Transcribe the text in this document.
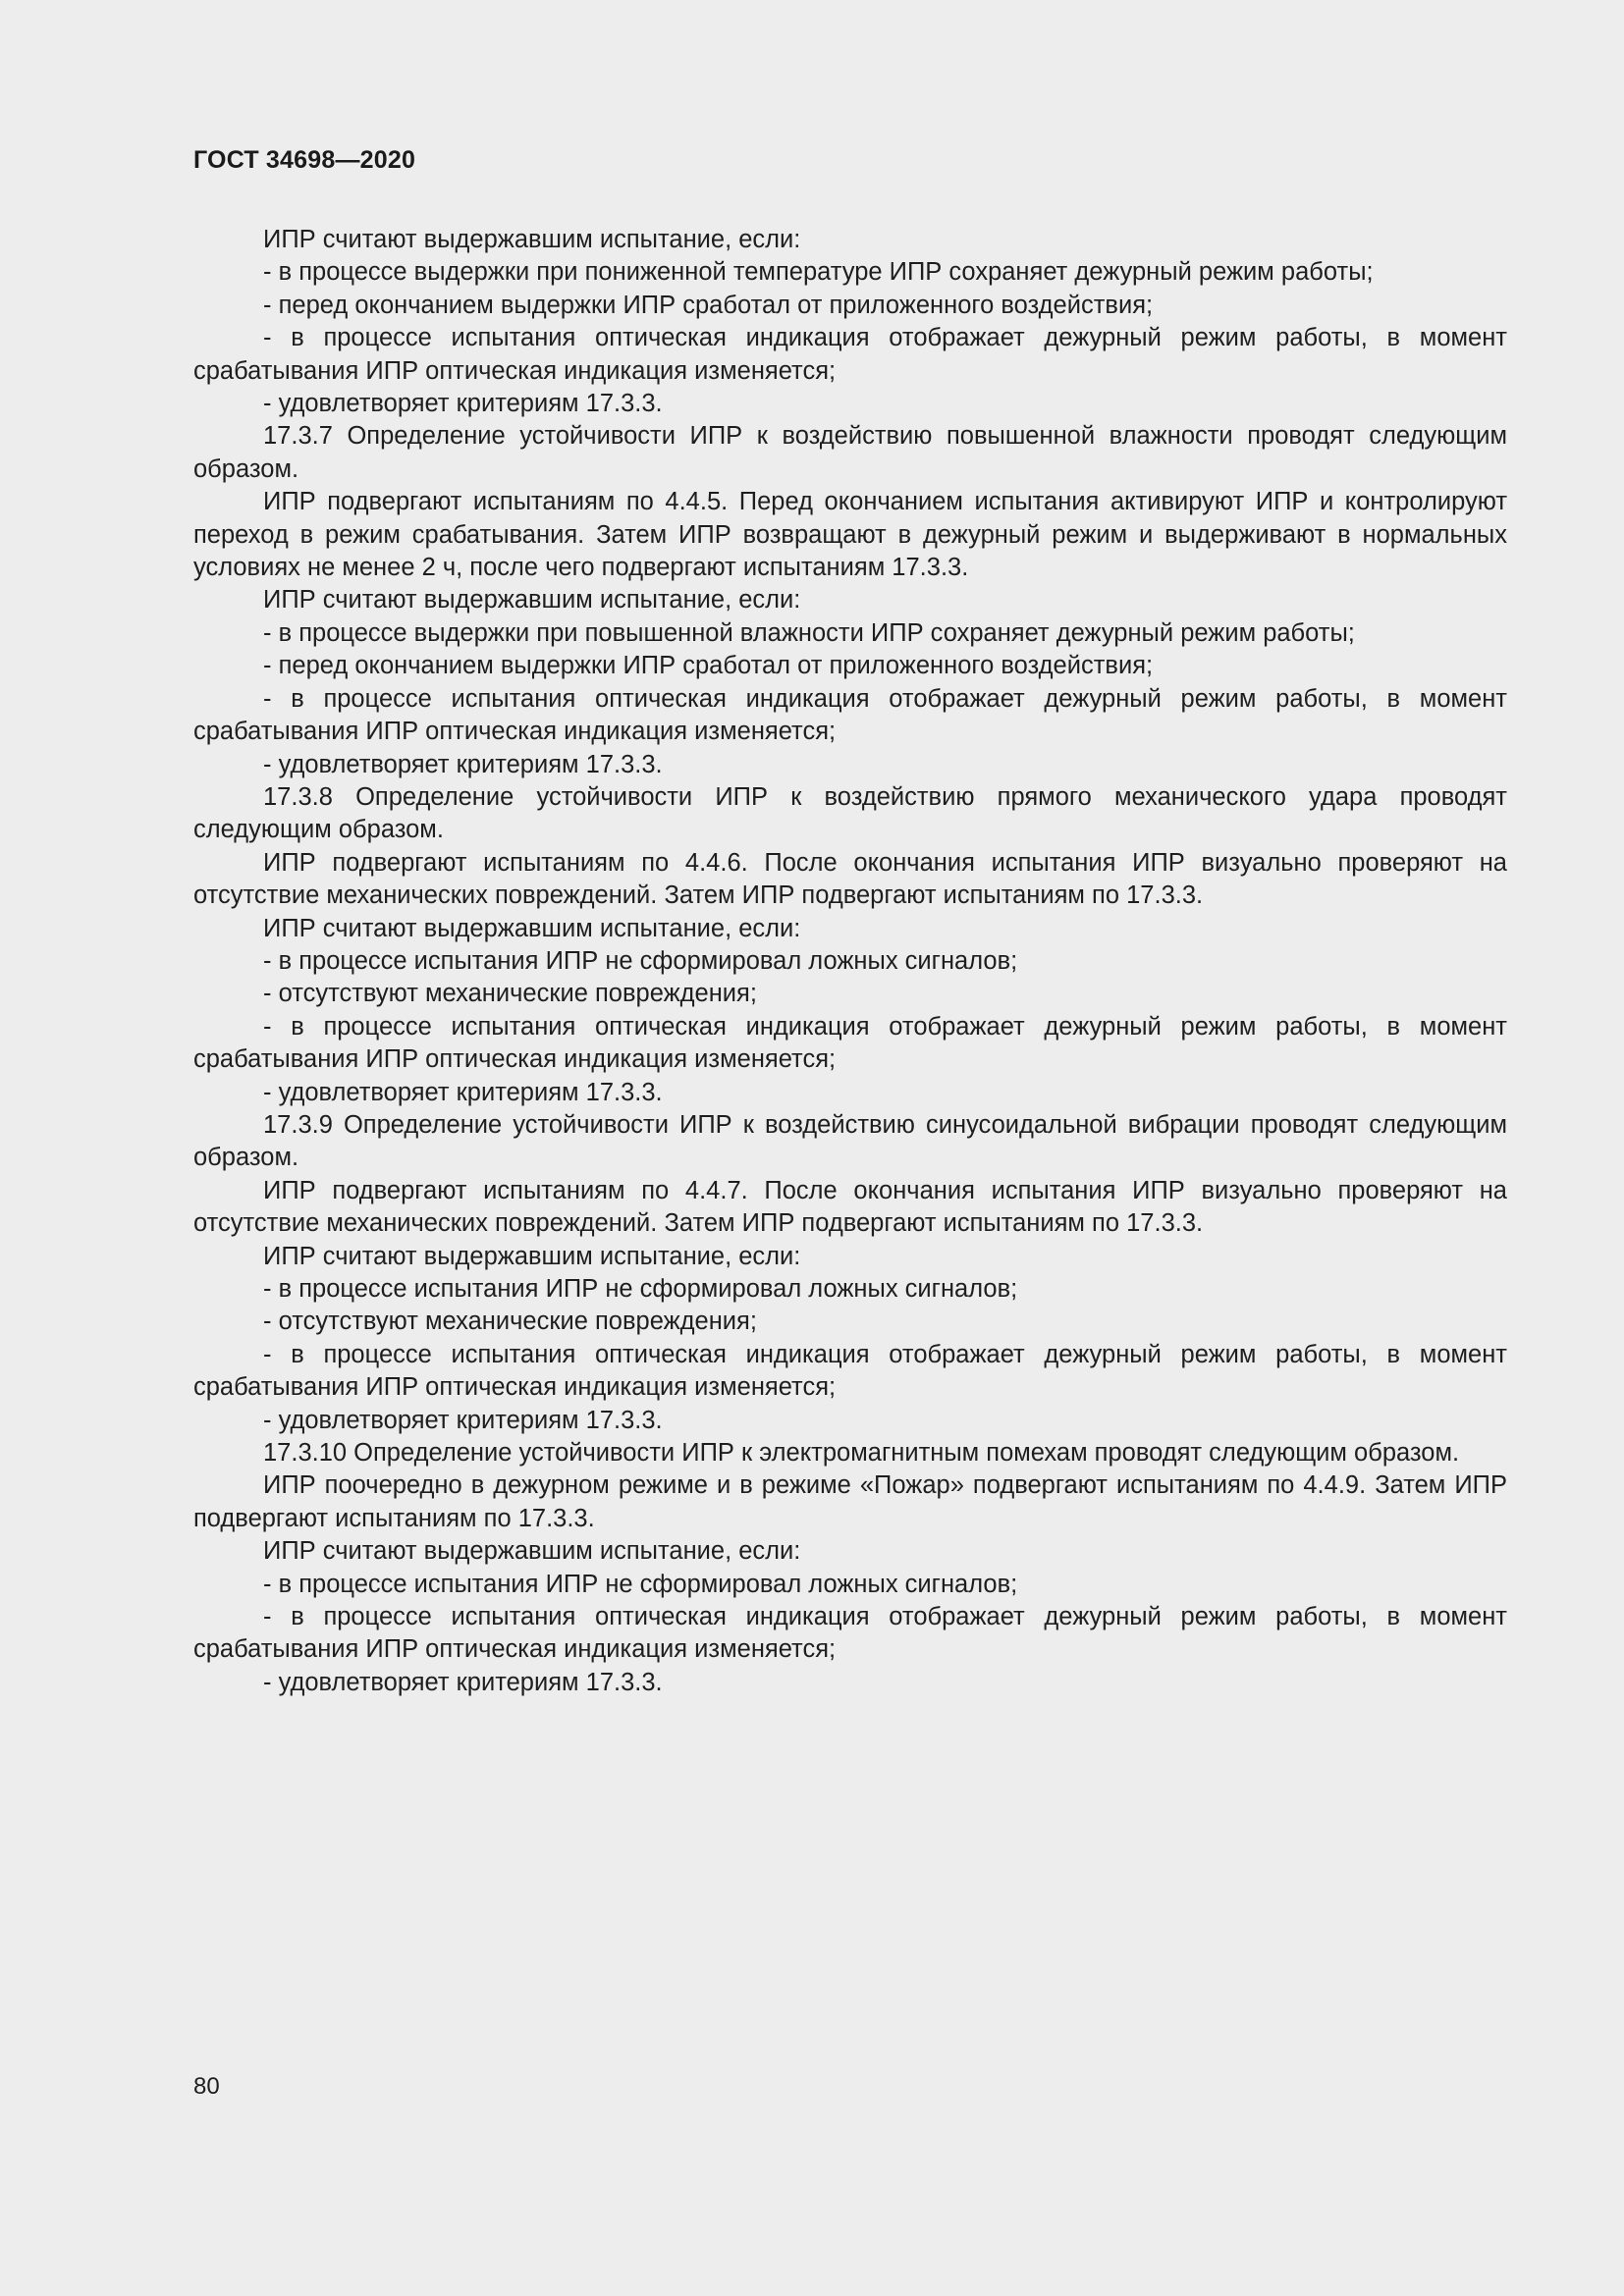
ГОСТ 34698—2020

ИПР считают выдержавшим испытание, если:

- в процессе выдержки при пониженной температуре ИПР сохраняет дежурный режим работы;

- перед окончанием выдержки ИПР сработал от приложенного воздействия;

- в процессе испытания оптическая индикация отображает дежурный режим работы, в момент срабатывания ИПР оптическая индикация изменяется;

- удовлетворяет критериям 17.3.3.

17.3.7 Определение устойчивости ИПР к воздействию повышенной влажности проводят следующим образом.

ИПР подвергают испытаниям по 4.4.5. Перед окончанием испытания активируют ИПР и контролируют переход в режим срабатывания. Затем ИПР возвращают в дежурный режим и выдерживают в нормальных условиях не менее 2 ч, после чего подвергают испытаниям 17.3.3.

ИПР считают выдержавшим испытание, если:

- в процессе выдержки при повышенной влажности ИПР сохраняет дежурный режим работы;

- перед окончанием выдержки ИПР сработал от приложенного воздействия;

- в процессе испытания оптическая индикация отображает дежурный режим работы, в момент срабатывания ИПР оптическая индикация изменяется;

- удовлетворяет критериям 17.3.3.

17.3.8 Определение устойчивости ИПР к воздействию прямого механического удара проводят следующим образом.

ИПР подвергают испытаниям по 4.4.6. После окончания испытания ИПР визуально проверяют на отсутствие механических повреждений. Затем ИПР подвергают испытаниям по 17.3.3.

ИПР считают выдержавшим испытание, если:

- в процессе испытания ИПР не сформировал ложных сигналов;

- отсутствуют механические повреждения;

- в процессе испытания оптическая индикация отображает дежурный режим работы, в момент срабатывания ИПР оптическая индикация изменяется;

- удовлетворяет критериям 17.3.3.

17.3.9 Определение устойчивости ИПР к воздействию синусоидальной вибрации проводят следующим образом.

ИПР подвергают испытаниям по 4.4.7. После окончания испытания ИПР визуально проверяют на отсутствие механических повреждений. Затем ИПР подвергают испытаниям по 17.3.3.

ИПР считают выдержавшим испытание, если:

- в процессе испытания ИПР не сформировал ложных сигналов;

- отсутствуют механические повреждения;

- в процессе испытания оптическая индикация отображает дежурный режим работы, в момент срабатывания ИПР оптическая индикация изменяется;

- удовлетворяет критериям 17.3.3.

17.3.10 Определение устойчивости ИПР к электромагнитным помехам проводят следующим образом.

ИПР поочередно в дежурном режиме и в режиме «Пожар» подвергают испытаниям по 4.4.9. Затем ИПР подвергают испытаниям по 17.3.3.

ИПР считают выдержавшим испытание, если:

- в процессе испытания ИПР не сформировал ложных сигналов;

- в процессе испытания оптическая индикация отображает дежурный режим работы, в момент срабатывания ИПР оптическая индикация изменяется;

- удовлетворяет критериям 17.3.3.

80
